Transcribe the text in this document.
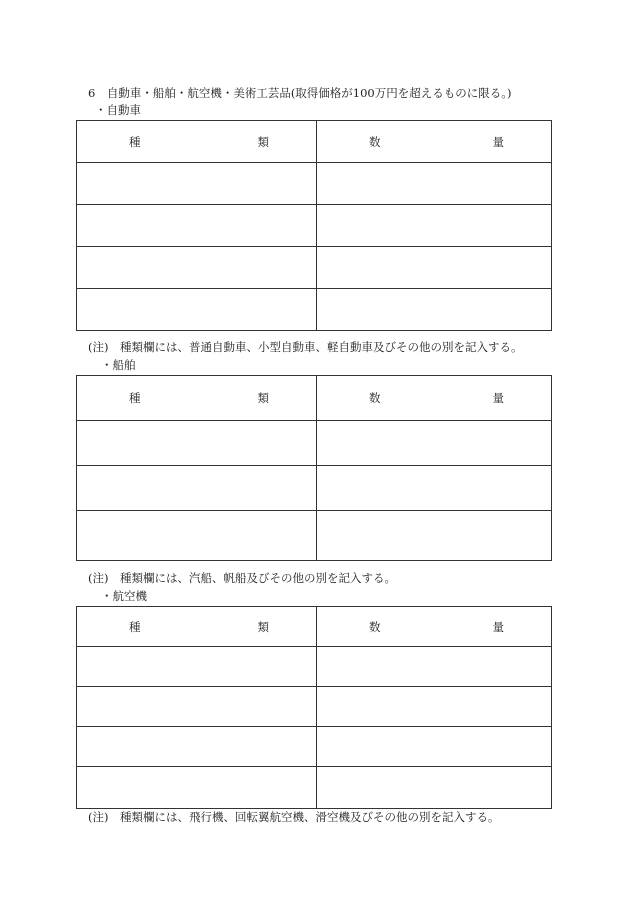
6　自動車・船舶・航空機・美術工芸品(取得価格が100万円を超えるものに限る。)
・自動車
種 類	数 量

(注)　種類欄には、普通自動車、小型自動車、軽自動車及びその他の別を記入する。
・船舶
種 類	数 量

(注)　種類欄には、汽船、帆船及びその他の別を記入する。
・航空機
種 類	数 量

(注)　種類欄には、飛行機、回転翼航空機、滑空機及びその他の別を記入する。
